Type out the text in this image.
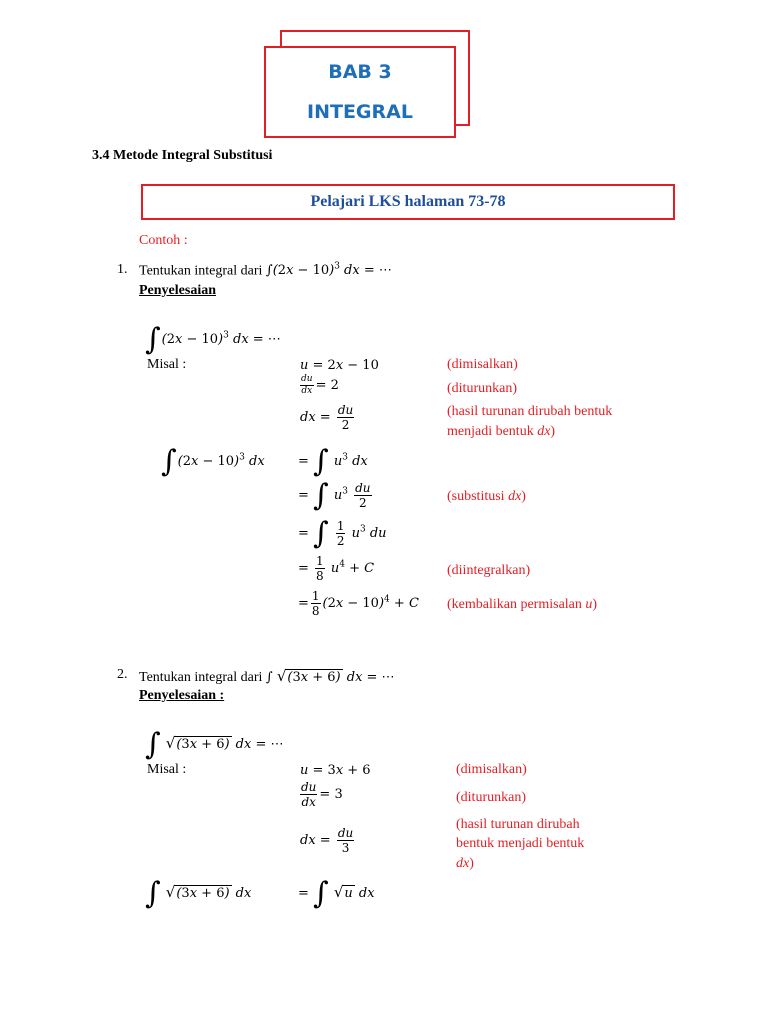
BAB 3
INTEGRAL
3.4 Metode Integral Substitusi
Pelajari LKS halaman 73-78
Contoh :
1. Tentukan integral dari $\int(2x - 10)^3$ dx = ⋯
Penyelesaian
$\int(2x - 10)^3$ dx = ⋯
Misal :	u = 2x − 10	(dimisalkan)
$\frac{du}{dx} = 2$	(diturunkan)
dx = $\frac{du}{2}$	(hasil turunan dirubah bentuk
menjadi bentuk dx)
$\int(2x - 10)^3$ dx	= ∫ $u^3$ dx
= ∫ $u^3 \frac{du}{2}$	(substitusi dx)
= ∫ $\frac{1}{2} u^3$ du
= $\frac{1}{8} u^4 + C$	(diintegralkan)
= $\frac{1}{8} (2x - 10)^4 + C$ (kembalikan permisalan u)
2. Tentukan integral dari ∫ √(3x + 6) dx = ⋯
Penyelesaian :
∫ √(3x + 6) dx = ⋯
Misal :	u = 3x + 6	(dimisalkan)
$\frac{du}{dx} = 3$	(diturunkan)
dx = $\frac{du}{3}$
(hasil turunan dirubah
bentuk menjadi bentuk
dx)
∫ √(3x + 6) dx	= ∫ √u dx
